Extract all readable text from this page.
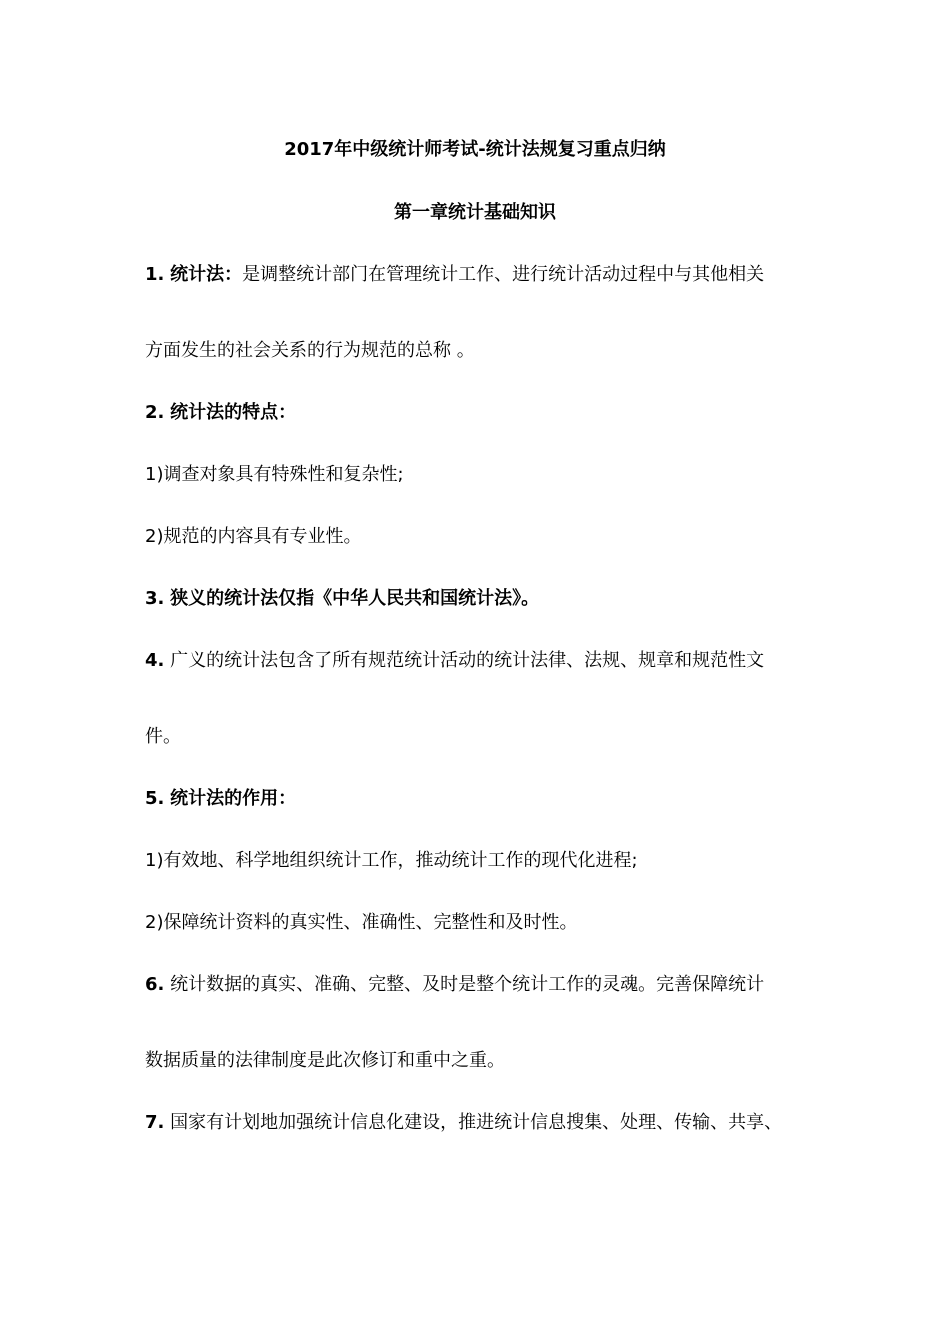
2017年中级统计师考试-统计法规复习重点归纳
第一章统计基础知识
1. 统计法：是调整统计部门在管理统计工作、进行统计活动过程中与其他相关
方面发生的社会关系的行为规范的总称 。
2. 统计法的特点：
1)调查对象具有特殊性和复杂性;
2)规范的内容具有专业性。
3. 狭义的统计法仅指《中华人民共和国统计法》。
4. 广义的统计法包含了所有规范统计活动的统计法律、法规、规章和规范性文
件。
5. 统计法的作用：
1)有效地、科学地组织统计工作，推动统计工作的现代化进程;
2)保障统计资料的真实性、准确性、完整性和及时性。
6. 统计数据的真实、准确、完整、及时是整个统计工作的灵魂。完善保障统计
数据质量的法律制度是此次修订和重中之重。
7. 国家有计划地加强统计信息化建设，推进统计信息搜集、处理、传输、共享、
